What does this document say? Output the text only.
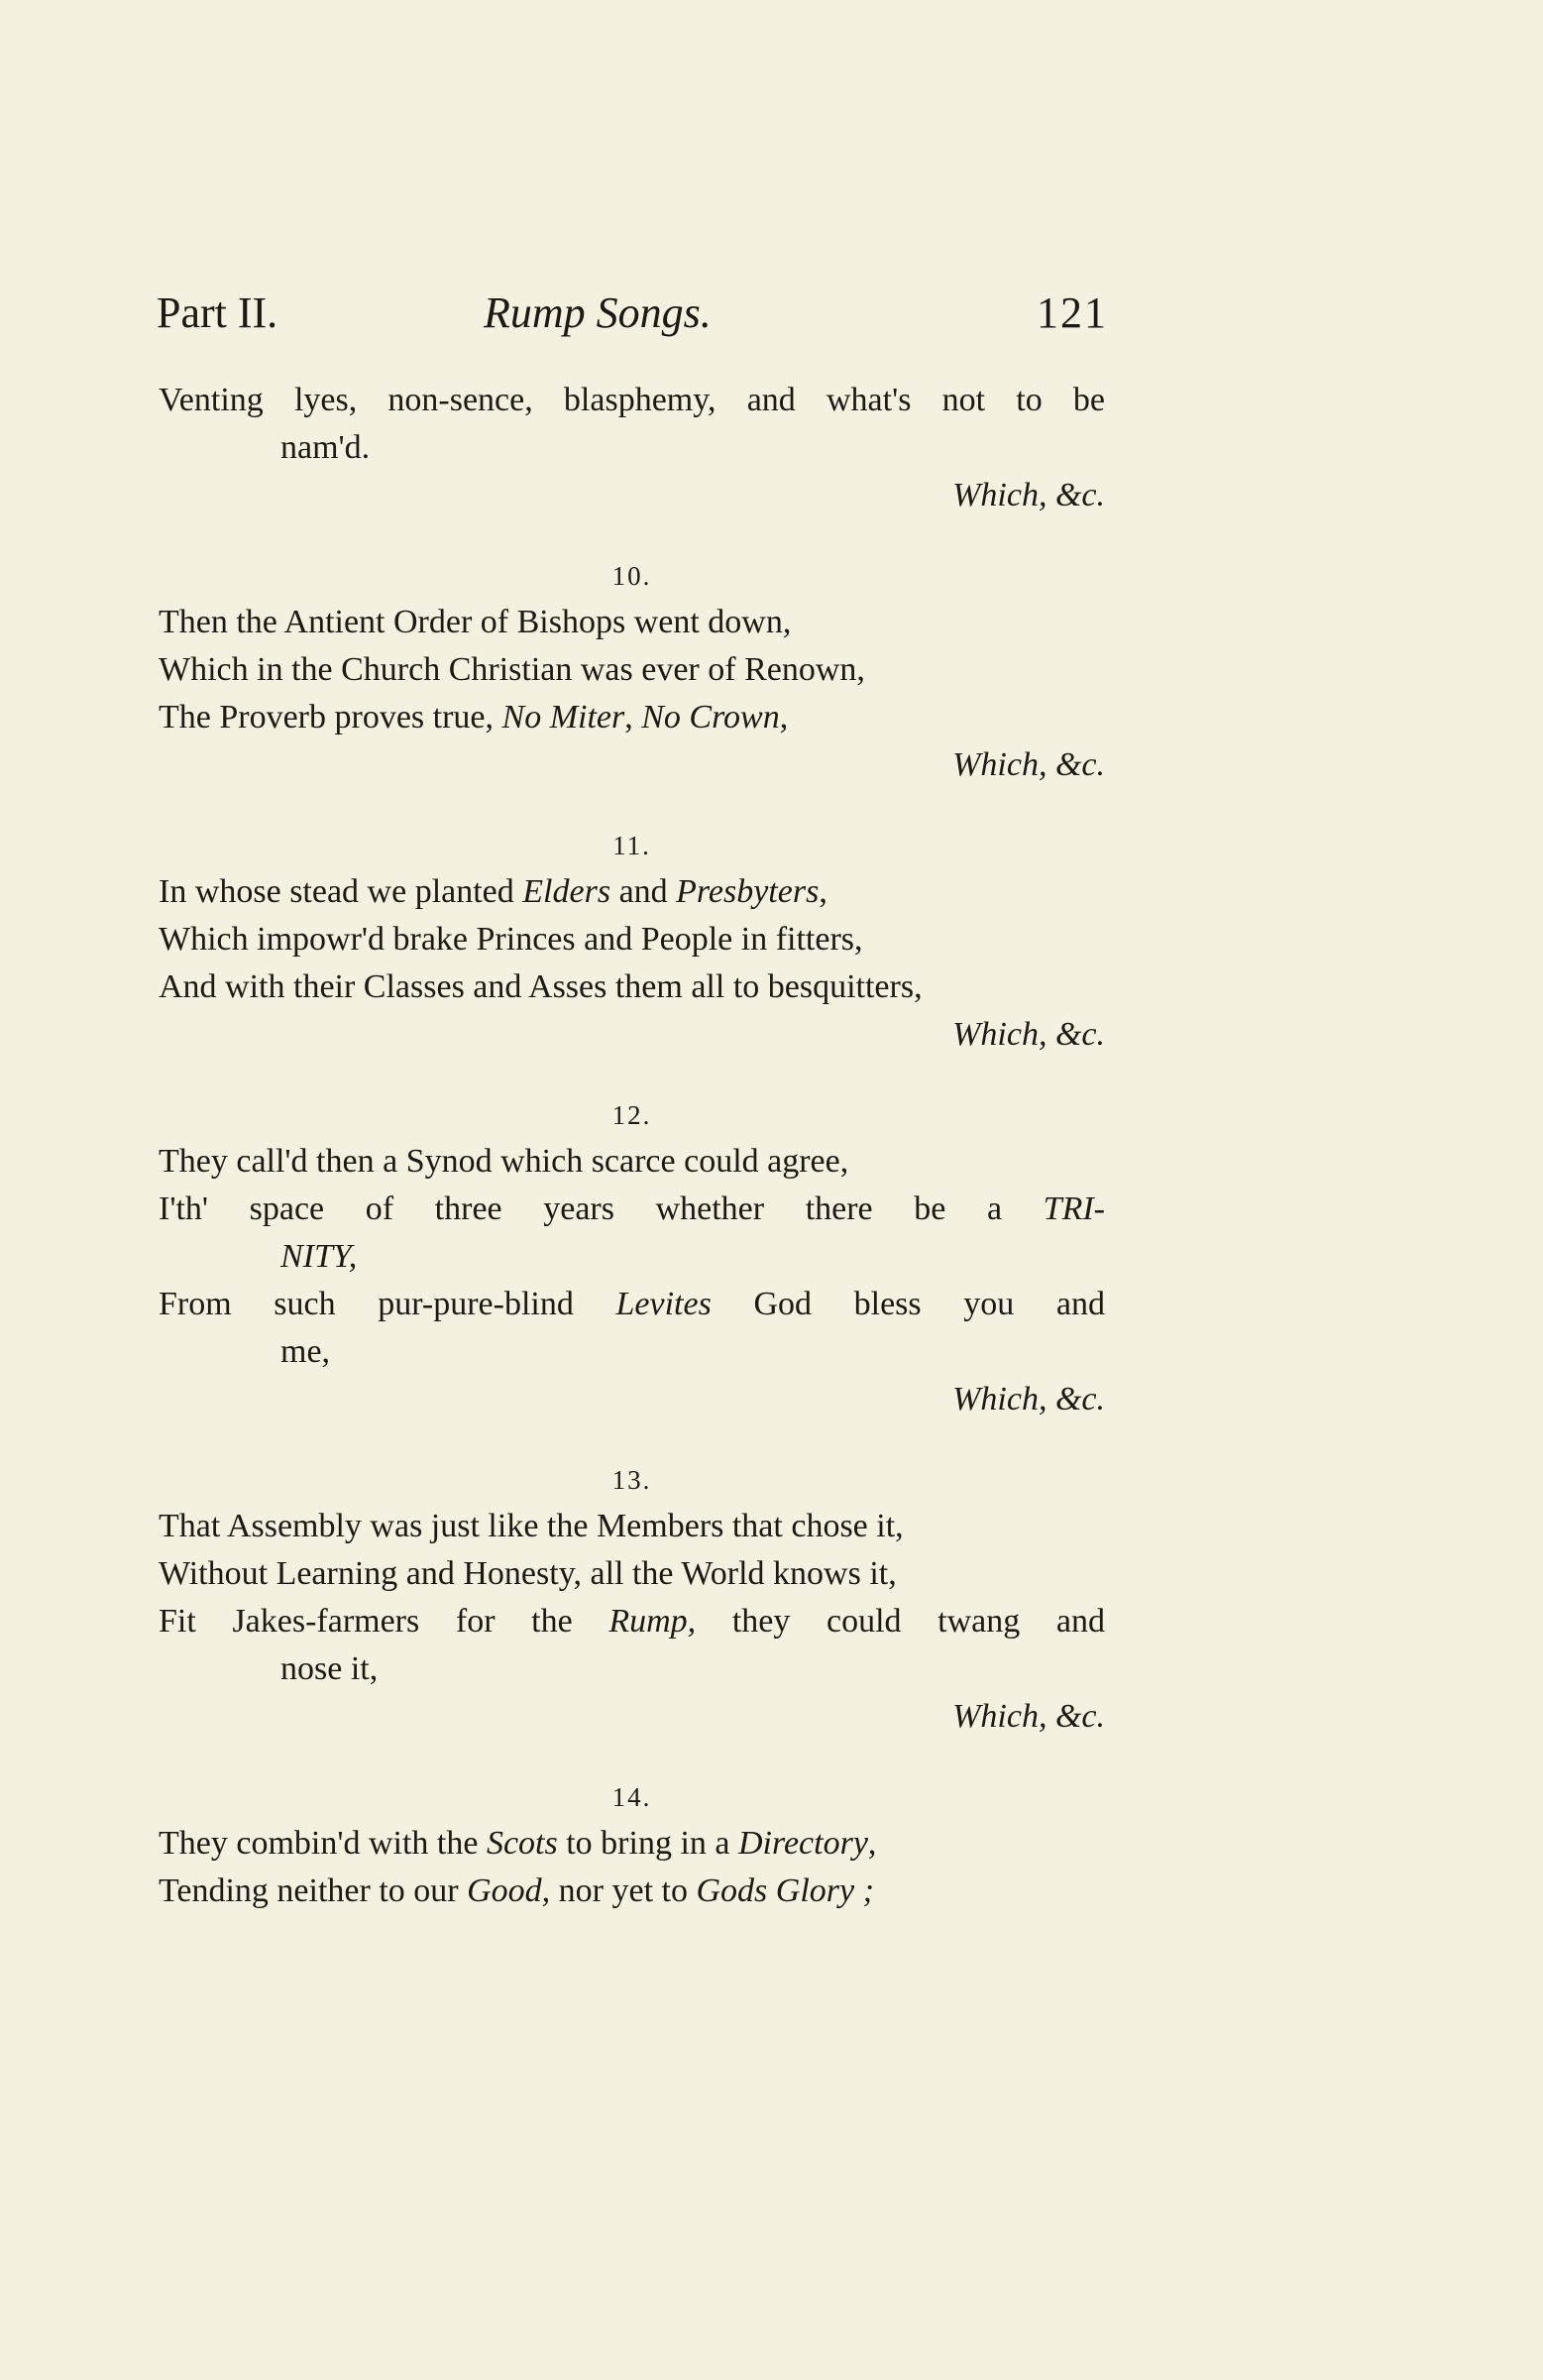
Part II.	Rump Songs.	121
Venting lyes, non-sence, blasphemy, and what's not to be
nam'd.
Which, &c.
10.
Then the Antient Order of Bishops went down,
Which in the Church Christian was ever of Renown,
The Proverb proves true, No Miter, No Crown,
Which, &c.
11.
In whose stead we planted Elders and Presbyters,
Which impowr'd brake Princes and People in fitters,
And with their Classes and Asses them all to besquitters,
Which, &c.
12.
They call'd then a Synod which scarce could agree,
I'th' space of three years whether there be a TRI-
NITY,
From such pur-pure-blind Levites God bless you and
me,
Which, &c.
13.
That Assembly was just like the Members that chose it,
Without Learning and Honesty, all the World knows it,
Fit Jakes-farmers for the Rump, they could twang and
nose it,
Which, &c.
14.
They combin'd with the Scots to bring in a Directory,
Tending neither to our Good, nor yet to Gods Glory ;
